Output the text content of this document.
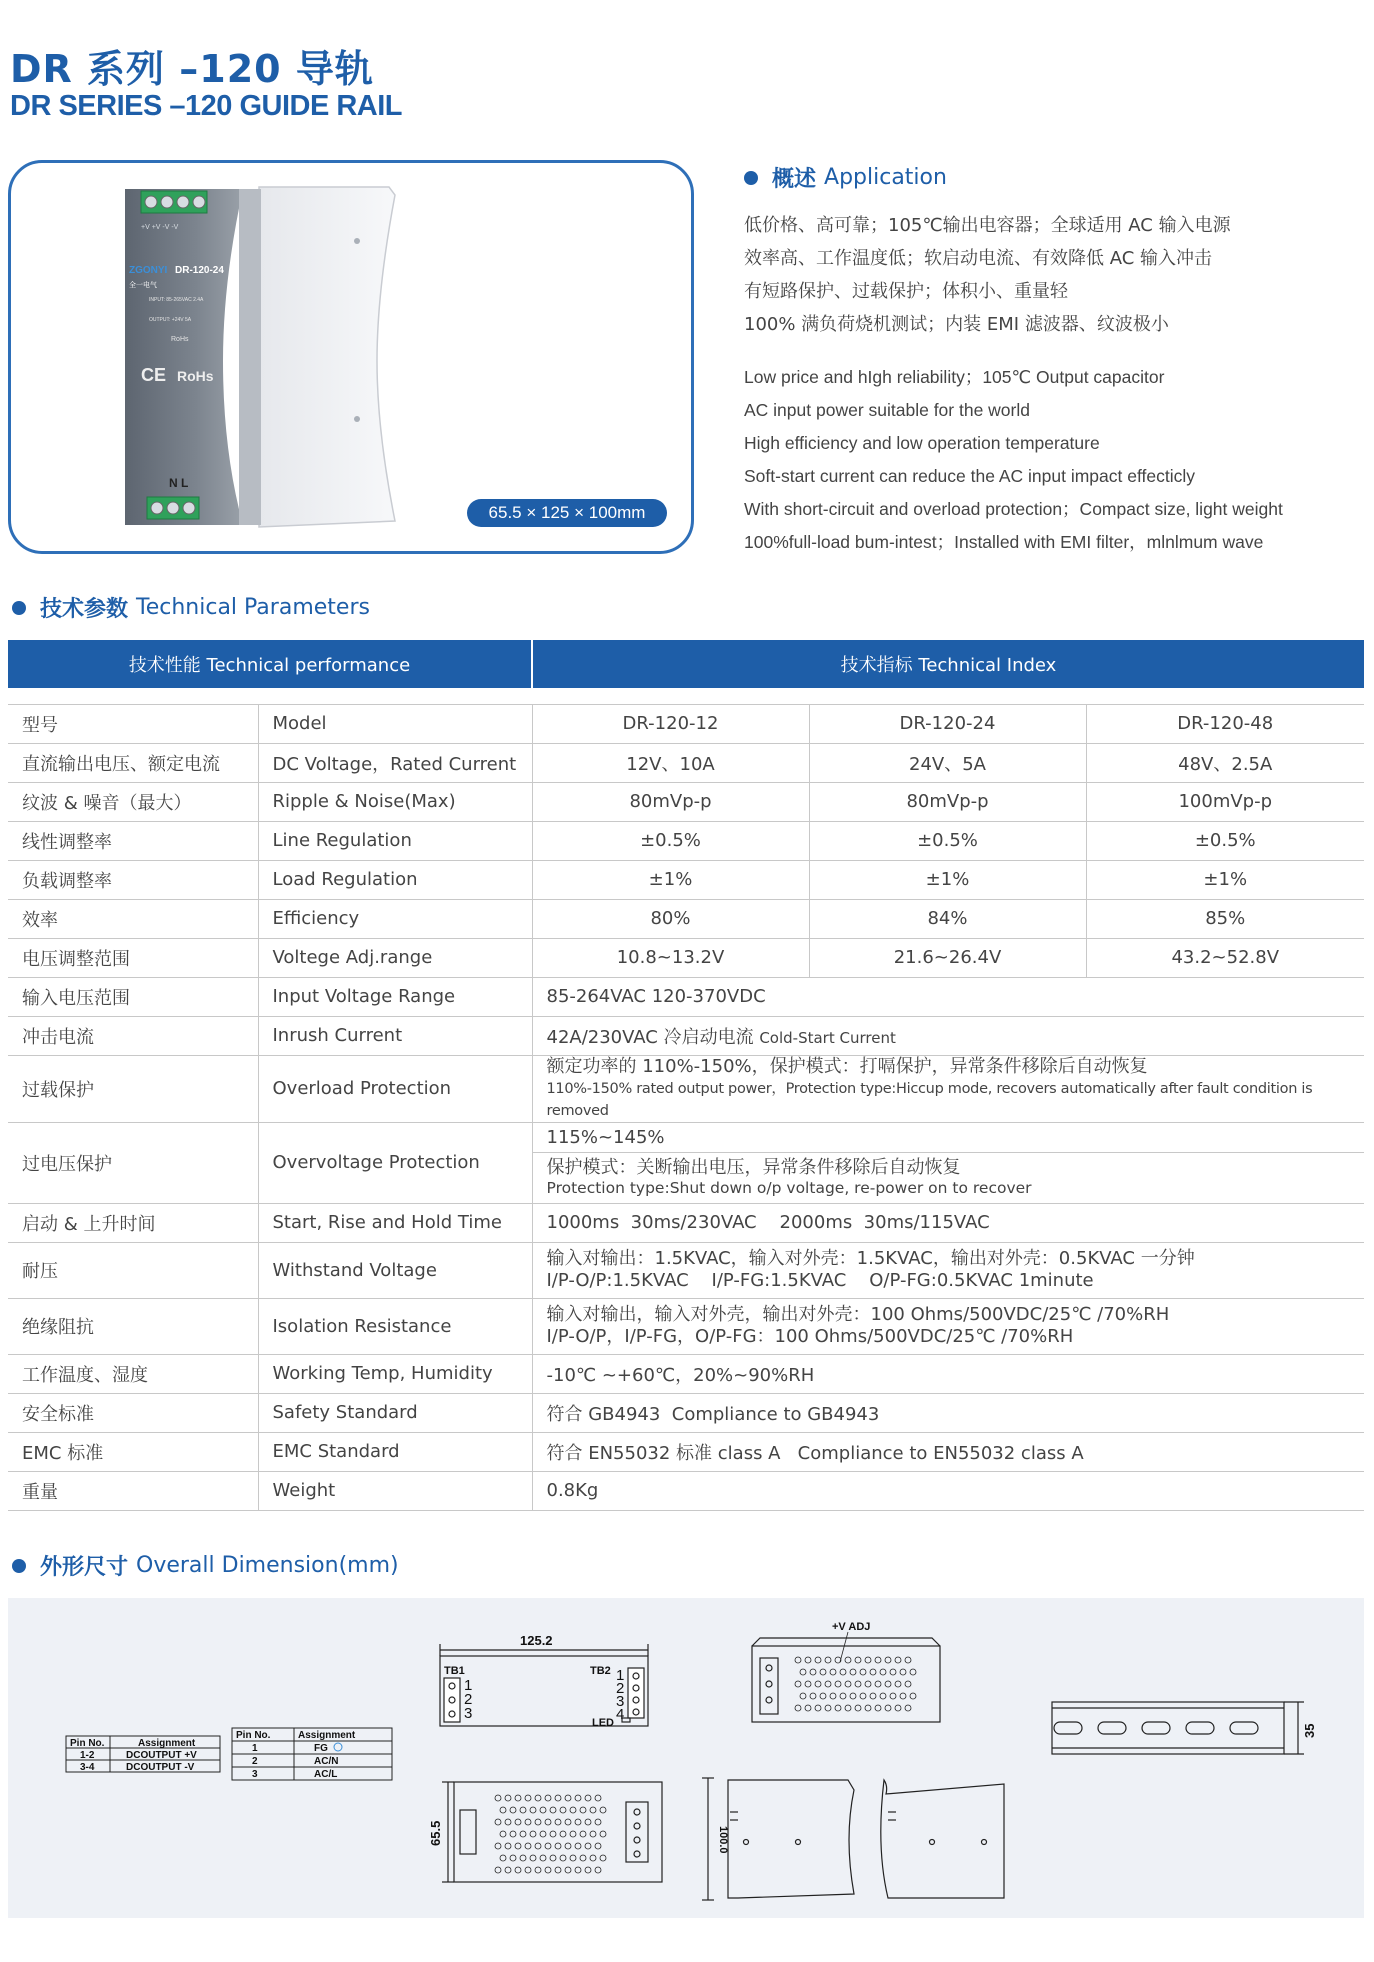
DR 系列 –120 导轨
DR SERIES –120 GUIDE RAIL
+V +V -V -V
ZGONYI DR-120-24
全一电气
INPUT: 85-265VAC 2.4A
OUTPUT: +24V 5A
RoHs
CE RoHs
N L
65.5 × 125 × 100mm
概述 Application
低价格、高可靠；105℃输出电容器；全球适用 AC 输入电源
效率高、工作温度低；软启动电流、有效降低 AC 输入冲击
有短路保护、过载保护；体积小、重量轻
100% 满负荷烧机测试；内装 EMI 滤波器、纹波极小
Low price and hIgh reliability；105℃ Output capacitor
AC input power suitable for the world
High efficiency and low operation temperature
Soft-start current can reduce the AC input impact effecticly
With short-circuit and overload protection；Compact size, light weight
100%full-load bum-intest；Installed with EMI filter，mlnlmum wave
技术参数 Technical Parameters
技术性能 Technical performance		技术指标 Technical Index		

型号	Model	DR-120-12	DR-120-24	DR-120-48
直流输出电压、额定电流	DC Voltage，Rated Current	12V、10A	24V、5A	48V、2.5A
纹波 & 噪音（最大）	Ripple & Noise(Max)	80mVp-p	80mVp-p	100mVp-p
线性调整率	Line Regulation	±0.5%	±0.5%	±0.5%
负载调整率	Load Regulation	±1%	±1%	±1%
效率	Efficiency	80%	84%	85%
电压调整范围	Voltege Adj.range	10.8~13.2V	21.6~26.4V	43.2~52.8V
输入电压范围	Input Voltage Range	85-264VAC 120-370VDC		
冲击电流	Inrush Current	42A/230VAC 冷启动电流 Cold-Start Current		
过载保护	Overload Protection	额定功率的 110%-150%，保护模式：打嗝保护，异常条件移除后自动恢复
110%-150% rated output power，Protection type:Hiccup mode, recovers automatically after fault condition is removed		

过电压保护	Overvoltage Protection	115%~145%
保护模式：关断输出电压，异常条件移除后自动恢复
Protection type:Shut down o/p voltage, re-power on to recover		

启动 & 上升时间	Start, Rise and Hold Time	1000ms  30ms/230VAC    2000ms  30ms/115VAC		
耐压	Withstand Voltage	输入对输出：1.5KVAC，输入对外壳：1.5KVAC，输出对外壳：0.5KVAC 一分钟
I/P-O/P:1.5KVAC    I/P-FG:1.5KVAC    O/P-FG:0.5KVAC 1minute		

绝缘阻抗	Isolation Resistance	输入对输出，输入对外壳，输出对外壳：100 Ohms/500VDC/25℃ /70%RH
I/P-O/P，I/P-FG，O/P-FG：100 Ohms/500VDC/25℃ /70%RH		

工作温度、湿度	Working Temp, Humidity	-10℃ ~+60℃，20%~90%RH		
安全标准	Safety Standard	符合 GB4943  Compliance to GB4943		
EMC 标准	EMC Standard	符合 EN55032 标准 class A   Compliance to EN55032 class A		
重量	Weight	0.8Kg		
外形尺寸 Overall Dimension(mm)
Pin No.	Assignment
1-2	DCOUTPUT +V
3-4	DCOUTPUT -V
Pin No.	Assignment
1	FG
2	AC/N
3	AC/L
125.2
TB1	TB2
1
2
3
1
2
3
4
LED
65.5
+V ADJ
100.0
35
